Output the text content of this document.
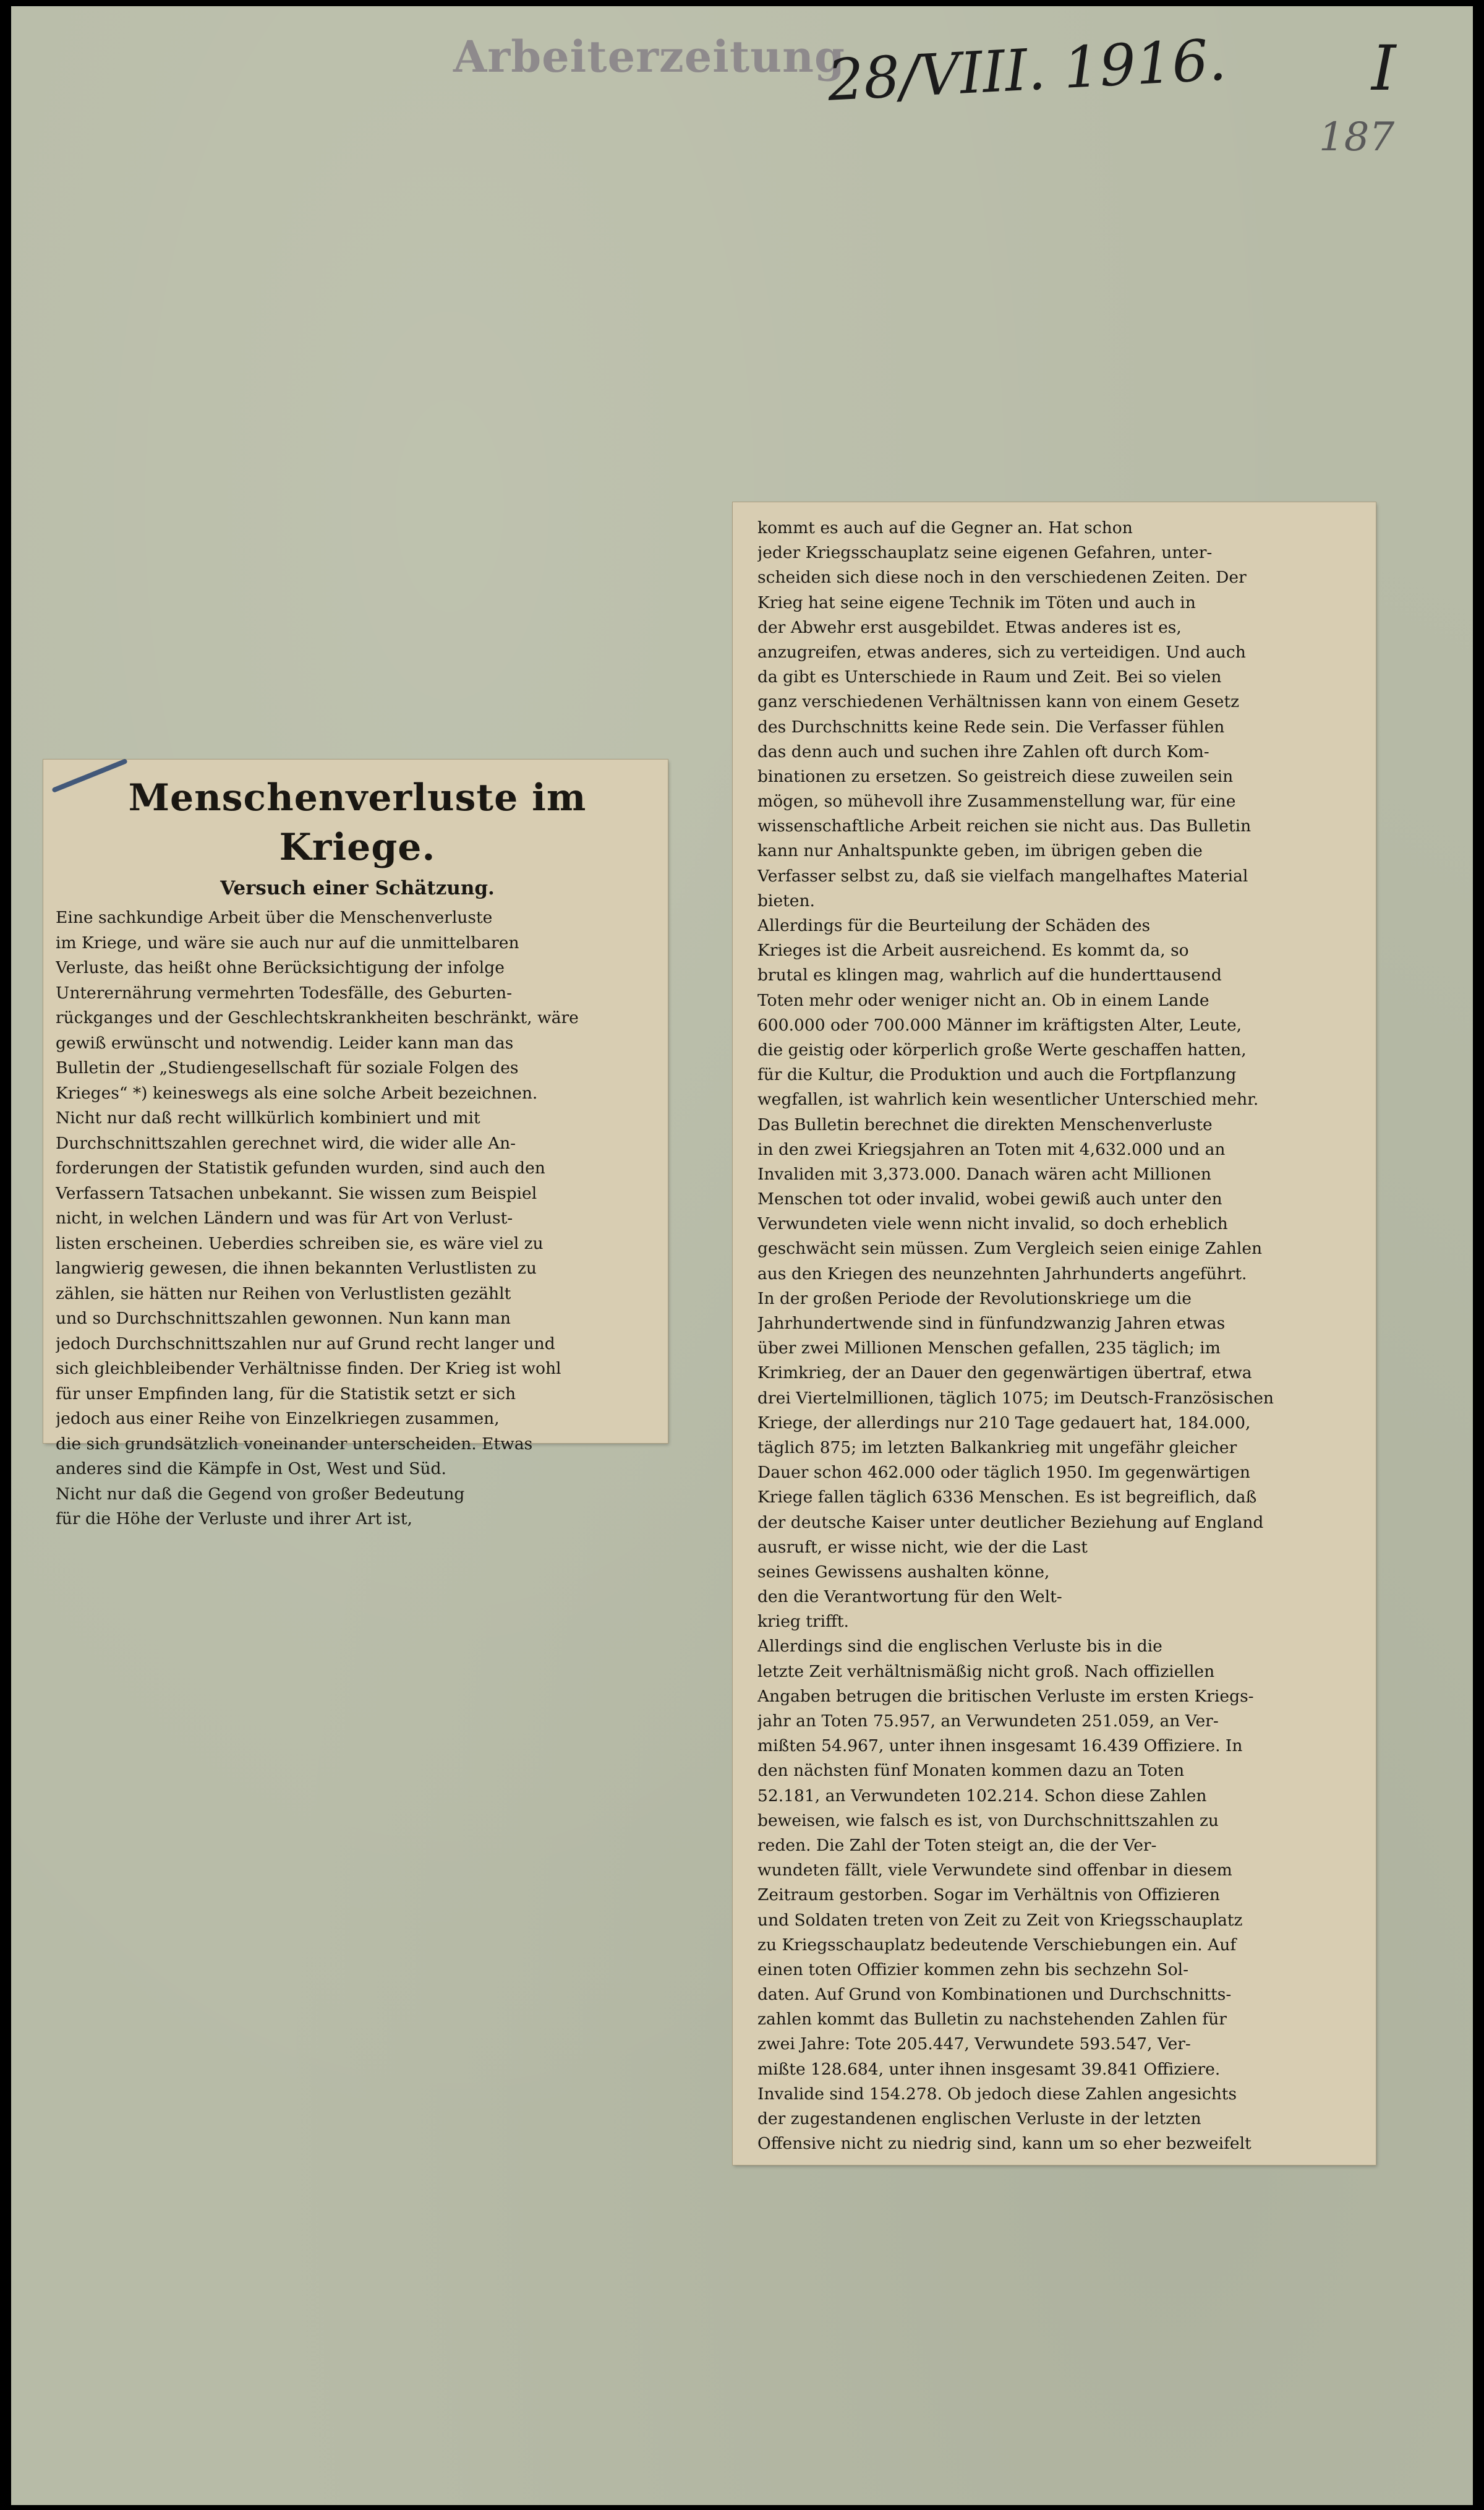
Arbeiterzeitung
28/VIII. 1916. I
187
Menschenverluste im Kriege.
Versuch einer Schätzung.
Eine sachkundige Arbeit über die Menschenverluste
im Kriege, und wäre sie auch nur auf die unmittelbaren
Verluste, das heißt ohne Berücksichtigung der infolge
Unterernährung vermehrten Todesfälle, des Geburten-
rückganges und der Geschlechtskrankheiten beschränkt, wäre
gewiß erwünscht und notwendig. Leider kann man das
Bulletin der „Studiengesellschaft für soziale Folgen des
Krieges“ *) keineswegs als eine solche Arbeit bezeichnen.
Nicht nur daß recht willkürlich kombiniert und mit
Durchschnittszahlen gerechnet wird, die wider alle An-
forderungen der Statistik gefunden wurden, sind auch den
Verfassern Tatsachen unbekannt. Sie wissen zum Beispiel
nicht, in welchen Ländern und was für Art von Verlust-
listen erscheinen. Ueberdies schreiben sie, es wäre viel zu
langwierig gewesen, die ihnen bekannten Verlustlisten zu
zählen, sie hätten nur Reihen von Verlustlisten gezählt
und so Durchschnittszahlen gewonnen. Nun kann man
jedoch Durchschnittszahlen nur auf Grund recht langer und
sich gleichbleibender Verhältnisse finden. Der Krieg ist wohl
für unser Empfinden lang, für die Statistik setzt er sich
jedoch aus einer Reihe von Einzelkriegen zusammen,
die sich grundsätzlich voneinander unterscheiden. Etwas
anderes sind die Kämpfe in Ost, West und Süd.
Nicht nur daß die Gegend von großer Bedeutung
für die Höhe der Verluste und ihrer Art ist,
kommt es auch auf die Gegner an. Hat schon
jeder Kriegsschauplatz seine eigenen Gefahren, unter-
scheiden sich diese noch in den verschiedenen Zeiten. Der
Krieg hat seine eigene Technik im Töten und auch in
der Abwehr erst ausgebildet. Etwas anderes ist es,
anzugreifen, etwas anderes, sich zu verteidigen. Und auch
da gibt es Unterschiede in Raum und Zeit. Bei so vielen
ganz verschiedenen Verhältnissen kann von einem Gesetz
des Durchschnitts keine Rede sein. Die Verfasser fühlen
das denn auch und suchen ihre Zahlen oft durch Kom-
binationen zu ersetzen. So geistreich diese zuweilen sein
mögen, so mühevoll ihre Zusammenstellung war, für eine
wissenschaftliche Arbeit reichen sie nicht aus. Das Bulletin
kann nur Anhaltspunkte geben, im übrigen geben die
Verfasser selbst zu, daß sie vielfach mangelhaftes Material
bieten.
Allerdings für die Beurteilung der Schäden des
Krieges ist die Arbeit ausreichend. Es kommt da, so
brutal es klingen mag, wahrlich auf die hunderttausend
Toten mehr oder weniger nicht an. Ob in einem Lande
600.000 oder 700.000 Männer im kräftigsten Alter, Leute,
die geistig oder körperlich große Werte geschaffen hatten,
für die Kultur, die Produktion und auch die Fortpflanzung
wegfallen, ist wahrlich kein wesentlicher Unterschied mehr.
Das Bulletin berechnet die direkten Menschenverluste
in den zwei Kriegsjahren an Toten mit 4,632.000 und an
Invaliden mit 3,373.000. Danach wären acht Millionen
Menschen tot oder invalid, wobei gewiß auch unter den
Verwundeten viele wenn nicht invalid, so doch erheblich
geschwächt sein müssen. Zum Vergleich seien einige Zahlen
aus den Kriegen des neunzehnten Jahrhunderts angeführt.
In der großen Periode der Revolutionskriege um die
Jahrhundertwende sind in fünfundzwanzig Jahren etwas
über zwei Millionen Menschen gefallen, 235 täglich; im
Krimkrieg, der an Dauer den gegenwärtigen übertraf, etwa
drei Viertelmillionen, täglich 1075; im Deutsch-Französischen
Kriege, der allerdings nur 210 Tage gedauert hat, 184.000,
täglich 875; im letzten Balkankrieg mit ungefähr gleicher
Dauer schon 462.000 oder täglich 1950. Im gegenwärtigen
Kriege fallen täglich 6336 Menschen. Es ist begreiflich, daß
der deutsche Kaiser unter deutlicher Beziehung auf England
ausruft, er wisse nicht, wie der die Last
seines Gewissens aushalten könne,
den die Verantwortung für den Welt-
krieg trifft.
Allerdings sind die englischen Verluste bis in die
letzte Zeit verhältnismäßig nicht groß. Nach offiziellen
Angaben betrugen die britischen Verluste im ersten Kriegs-
jahr an Toten 75.957, an Verwundeten 251.059, an Ver-
mißten 54.967, unter ihnen insgesamt 16.439 Offiziere. In
den nächsten fünf Monaten kommen dazu an Toten
52.181, an Verwundeten 102.214. Schon diese Zahlen
beweisen, wie falsch es ist, von Durchschnittszahlen zu
reden. Die Zahl der Toten steigt an, die der Ver-
wundeten fällt, viele Verwundete sind offenbar in diesem
Zeitraum gestorben. Sogar im Verhältnis von Offizieren
und Soldaten treten von Zeit zu Zeit von Kriegsschauplatz
zu Kriegsschauplatz bedeutende Verschiebungen ein. Auf
einen toten Offizier kommen zehn bis sechzehn Sol-
daten. Auf Grund von Kombinationen und Durchschnitts-
zahlen kommt das Bulletin zu nachstehenden Zahlen für
zwei Jahre: Tote 205.447, Verwundete 593.547, Ver-
mißte 128.684, unter ihnen insgesamt 39.841 Offiziere.
Invalide sind 154.278. Ob jedoch diese Zahlen angesichts
der zugestandenen englischen Verluste in der letzten
Offensive nicht zu niedrig sind, kann um so eher bezweifelt
